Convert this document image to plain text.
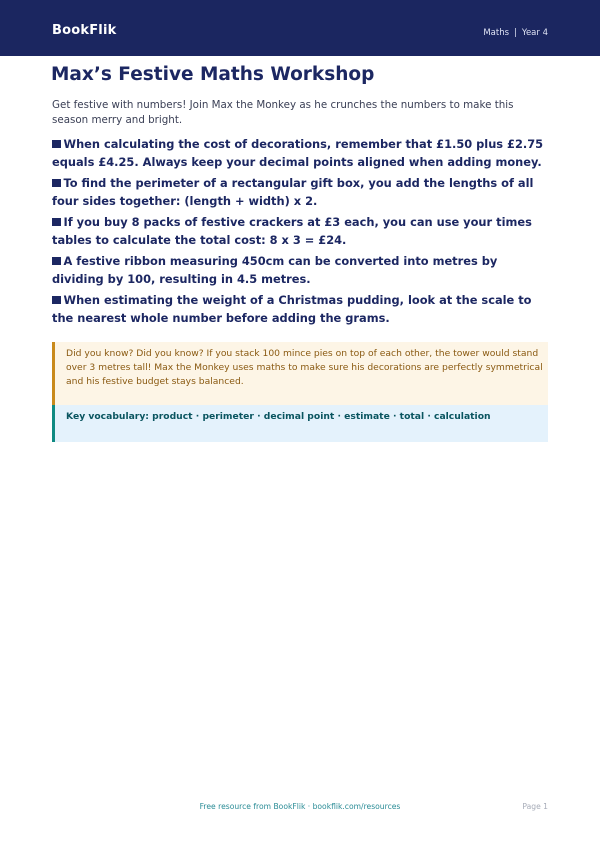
BookFlik	Maths | Year 4
Max’s Festive Maths Workshop
Get festive with numbers! Join Max the Monkey as he crunches the numbers to make this season merry and bright.
When calculating the cost of decorations, remember that £1.50 plus £2.75 equals £4.25. Always keep your decimal points aligned when adding money.
To find the perimeter of a rectangular gift box, you add the lengths of all four sides together: (length + width) x 2.
If you buy 8 packs of festive crackers at £3 each, you can use your times tables to calculate the total cost: 8 x 3 = £24.
A festive ribbon measuring 450cm can be converted into metres by dividing by 100, resulting in 4.5 metres.
When estimating the weight of a Christmas pudding, look at the scale to the nearest whole number before adding the grams.
Did you know? Did you know? If you stack 100 mince pies on top of each other, the tower would stand over 3 metres tall! Max the Monkey uses maths to make sure his decorations are perfectly symmetrical and his festive budget stays balanced.
Key vocabulary: product · perimeter · decimal point · estimate · total · calculation
Free resource from BookFlik · bookflik.com/resources	Page 1
